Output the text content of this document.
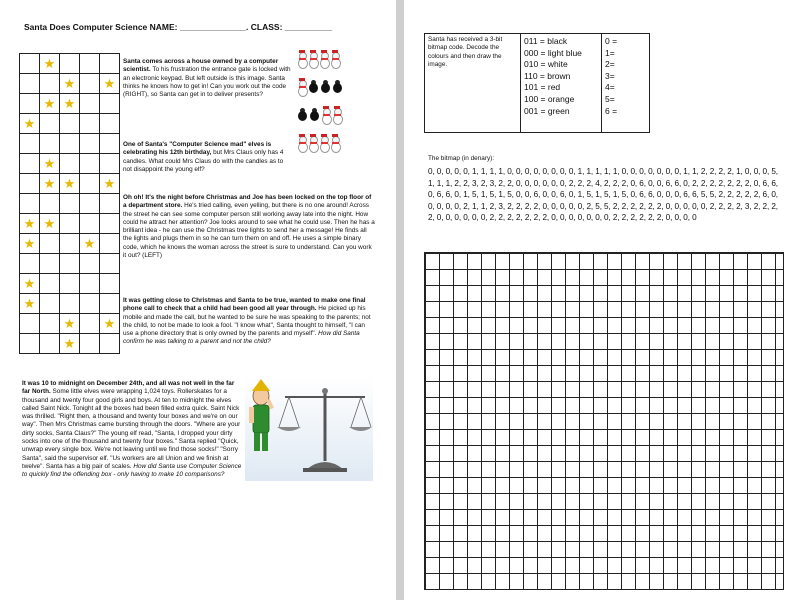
Santa Does Computer Science NAME: ______________. CLASS: __________
	★			
		★		★
	★	★		
★				

	★			
	★	★		★

★	★			
★			★	

★				
★				
		★		★
		★		
Santa comes across a house owned by a computer scientist. To his frustration the entrance gate is locked with an electronic keypad. But left outside is this image. Santa thinks he knows how to get in! Can you work out the code (RIGHT), so Santa can get in to deliver presents?
One of Santa's "Computer Science mad" elves is celebrating his 12th birthday, but Mrs Claus only has 4 candles. What could Mrs Claus do with the candles as to not disappoint the young elf?
Oh oh! It's the night before Christmas and Joe has been locked on the top floor of a department store. He's tried calling, even yelling, but there is no one around! Across the street he can see some computer person still working away late into the night. How could he attract her attention? Joe looks around to see what he could use. Then he has a brilliant idea - he can use the Christmas tree lights to send her a message! He finds all the lights and plugs them in so he can turn them on and off. He uses a simple binary code, which he knows the woman across the street is sure to understand. Can you work it out? (LEFT)
It was getting close to Christmas and Santa to be true, wanted to make one final phone call to check that a child had been good all year through. He picked up his mobile and made the call, but he wanted to be sure he was speaking to the parents; not the child, to not be made to look a fool. "I know what", Santa thought to himself, "I can use a phone directory that is only owned by the parents and myself". How did Santa confirm he was talking to a parent and not the child?
It was 10 to midnight on December 24th, and all was not well in the far far North. Some little elves were wrapping 1,024 toys. Rollerskates for a thousand and twenty four good girls and boys. At ten to midnight the elves called Saint Nick. Tonight all the boxes had been filled extra quick. Saint Nick was thrilled. "Right then, a thousand and twenty four boxes and we're on our way". Then Mrs Christmas came bursting through the doors. "Where are your dirty socks, Santa Claus?" The young elf read, "Santa, I dropped your dirty socks into one of the thousand and twenty four boxes." Santa replied "Quick, unwrap every single box. We're not leaving until we find those socks!" "Sorry Santa", said the supervisor elf. "Us workers are all Union and we finish at twelve". Santa has a big pair of scales. How did Santa use Computer Science to quickly find the offending box - only having to make 10 comparisons?
Santa has received a 3-bit bitmap code. Decode the colours and then draw the image.	
011 = black
000 = light blue
010 = white
110 = brown
101 = red
100 = orange
001 = green

0 =
1=
2=
3=
4=
5=
6 =
The bitmap (in denary):
0, 0, 0, 0, 0, 1, 1, 1, 1, 0, 0, 0, 0, 0, 0, 0, 0, 1, 1, 1, 1, 1, 0, 0, 0, 0, 0, 0, 0, 1, 1, 2, 2, 2, 2, 1, 0, 0, 0, 5, 1, 1, 1, 2, 2, 3, 2, 3, 2, 2, 0, 0, 0, 0, 0, 0, 2, 2, 2, 4, 2, 2, 2, 0, 6, 0, 0, 6, 6, 0, 2, 2, 2, 2, 2, 2, 2, 0, 6, 6, 0, 6, 6, 0, 1, 5, 1, 5, 1, 5, 0, 0, 6, 0, 0, 6, 0, 1, 5, 1, 5, 1, 5, 0, 6, 6, 0, 0, 0, 6, 6, 5, 5, 2, 2, 2, 2, 2, 6, 0, 0, 0, 0, 0, 2, 1, 1, 2, 3, 2, 2, 2, 2, 0, 0, 0, 0, 0, 2, 5, 5, 2, 2, 2, 2, 2, 2, 0, 0, 0, 0, 0, 2, 2, 2, 2, 3, 2, 2, 2, 2, 0, 0, 0, 0, 0, 0, 2, 2, 2, 2, 2, 2, 2, 0, 0, 0, 0, 0, 0, 0, 2, 2, 2, 2, 2, 2, 0, 0, 0, 0
